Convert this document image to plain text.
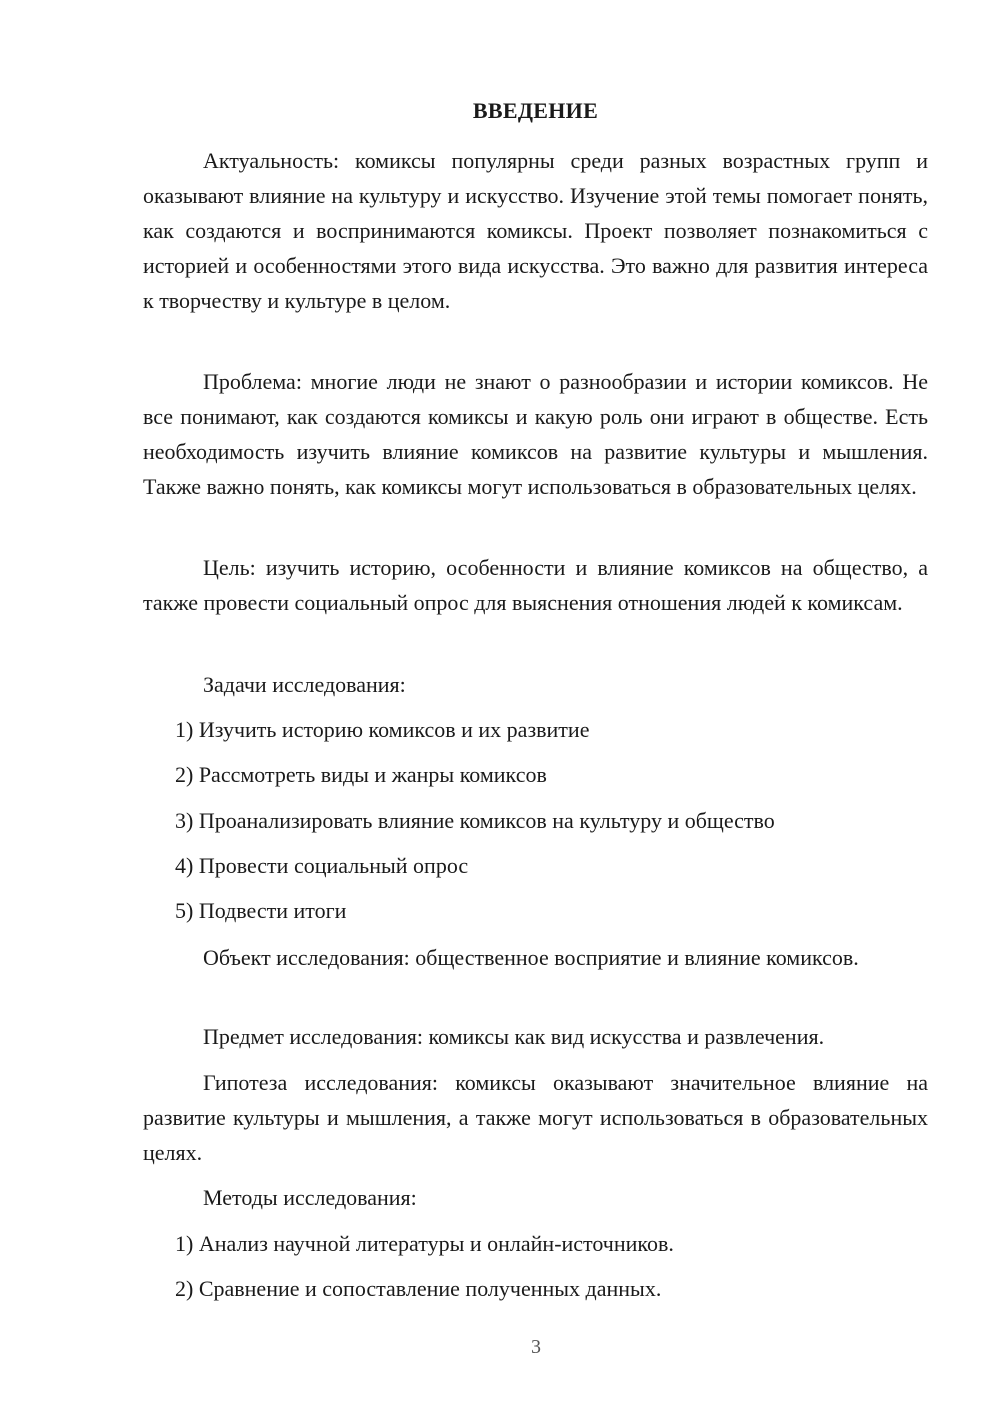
ВВЕДЕНИЕ

Актуальность: комиксы популярны среди разных возрастных групп и оказывают влияние на культуру и искусство. Изучение этой темы помогает понять, как создаются и воспринимаются комиксы. Проект позволяет познакомиться с историей и особенностями этого вида искусства. Это важно для развития интереса к творчеству и культуре в целом.

Проблема: многие люди не знают о разнообразии и истории комиксов. Не все понимают, как создаются комиксы и какую роль они играют в обществе. Есть необходимость изучить влияние комиксов на развитие культуры и мышления. Также важно понять, как комиксы могут использоваться в образовательных целях.

Цель: изучить историю, особенности и влияние комиксов на общество, а также провести социальный опрос для выяснения отношения людей к комиксам.

Задачи исследования:

1) Изучить историю комиксов и их развитие

2) Рассмотреть виды и жанры комиксов

3) Проанализировать влияние комиксов на культуру и общество

4) Провести социальный опрос

5) Подвести итоги

Объект исследования: общественное восприятие и влияние комиксов.

Предмет исследования: комиксы как вид искусства и развлечения.

Гипотеза исследования: комиксы оказывают значительное влияние на развитие культуры и мышления, а также могут использоваться в образовательных целях.

Методы исследования:

1) Анализ научной литературы и онлайн-источников.

2) Сравнение и сопоставление полученных данных.

3
